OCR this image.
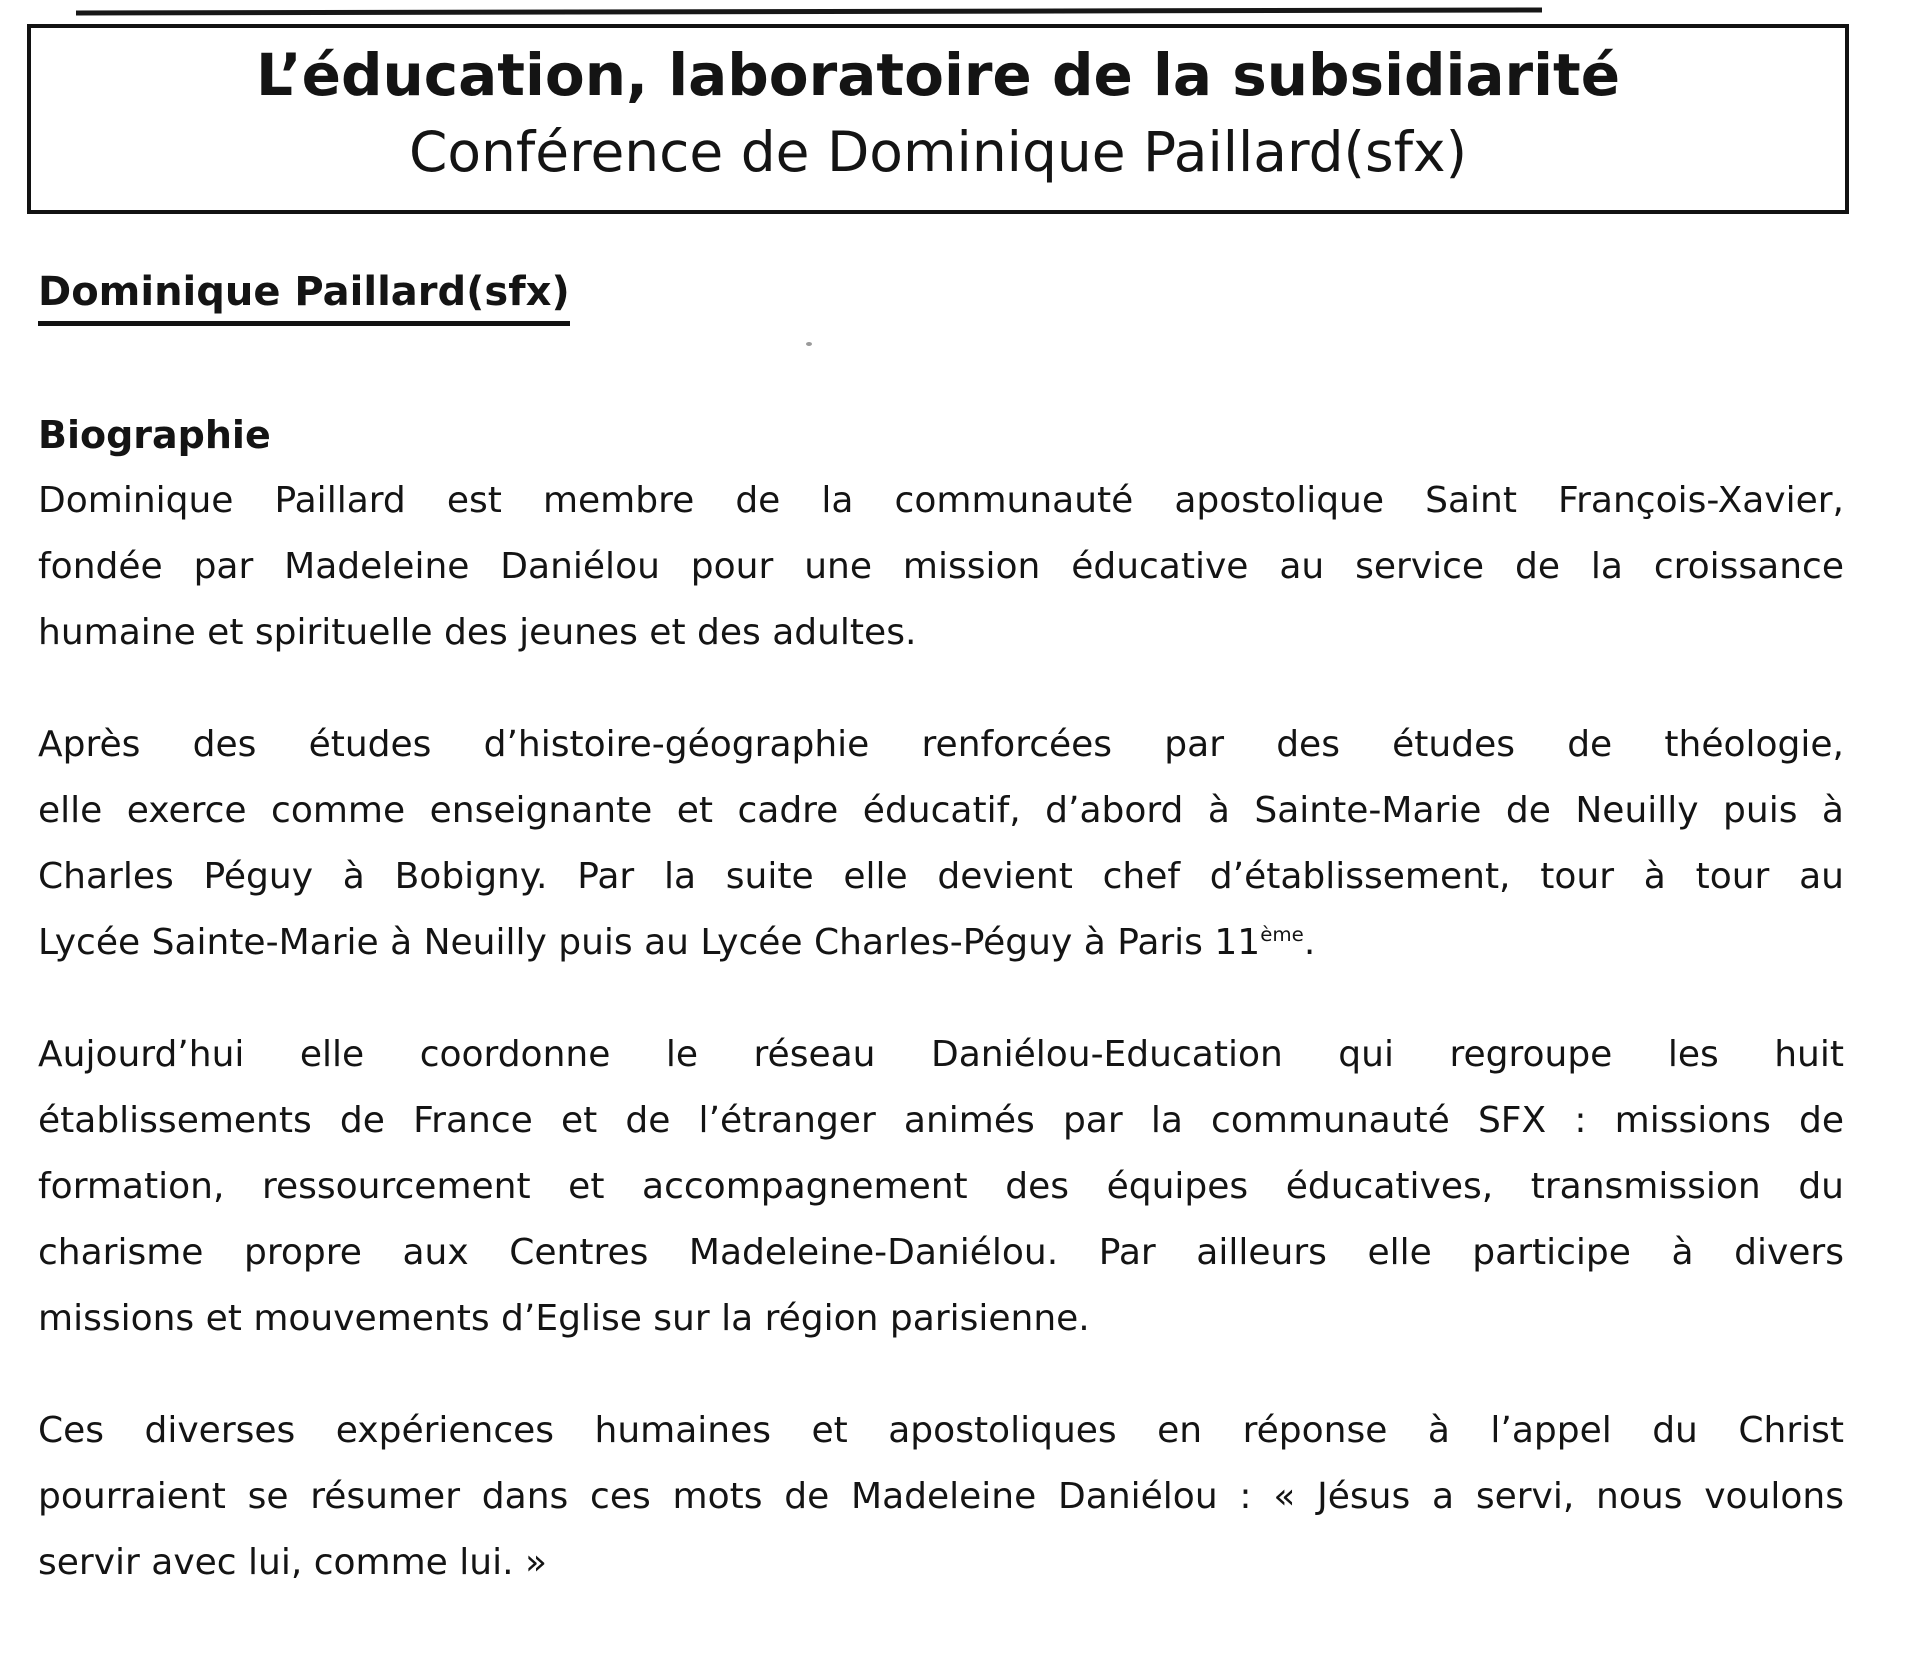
L’éducation, laboratoire de la subsidiarité
Conférence de Dominique Paillard(sfx)
Dominique Paillard(sfx)
Biographie
Dominique Paillard est membre de la communauté apostolique Saint François-Xavier,
fondée par Madeleine Daniélou pour une mission éducative au service de la croissance
humaine et spirituelle des jeunes et des adultes.
Après des études d’histoire-géographie renforcées par des études de théologie,
elle exerce comme enseignante et cadre éducatif, d’abord à Sainte-Marie de Neuilly puis à
Charles Péguy à Bobigny. Par la suite elle devient chef d’établissement, tour à tour au
Lycée Sainte-Marie à Neuilly puis au Lycée Charles-Péguy à Paris 11ème.
Aujourd’hui elle coordonne le réseau Daniélou-Education qui regroupe les huit
établissements de France et de l’étranger animés par la communauté SFX : missions de
formation, ressourcement et accompagnement des équipes éducatives, transmission du
charisme propre aux Centres Madeleine-Daniélou. Par ailleurs elle participe à divers
missions et mouvements d’Eglise sur la région parisienne.
Ces diverses expériences humaines et apostoliques en réponse à l’appel du Christ
pourraient se résumer dans ces mots de Madeleine Daniélou : « Jésus a servi, nous voulons
servir avec lui, comme lui. »
